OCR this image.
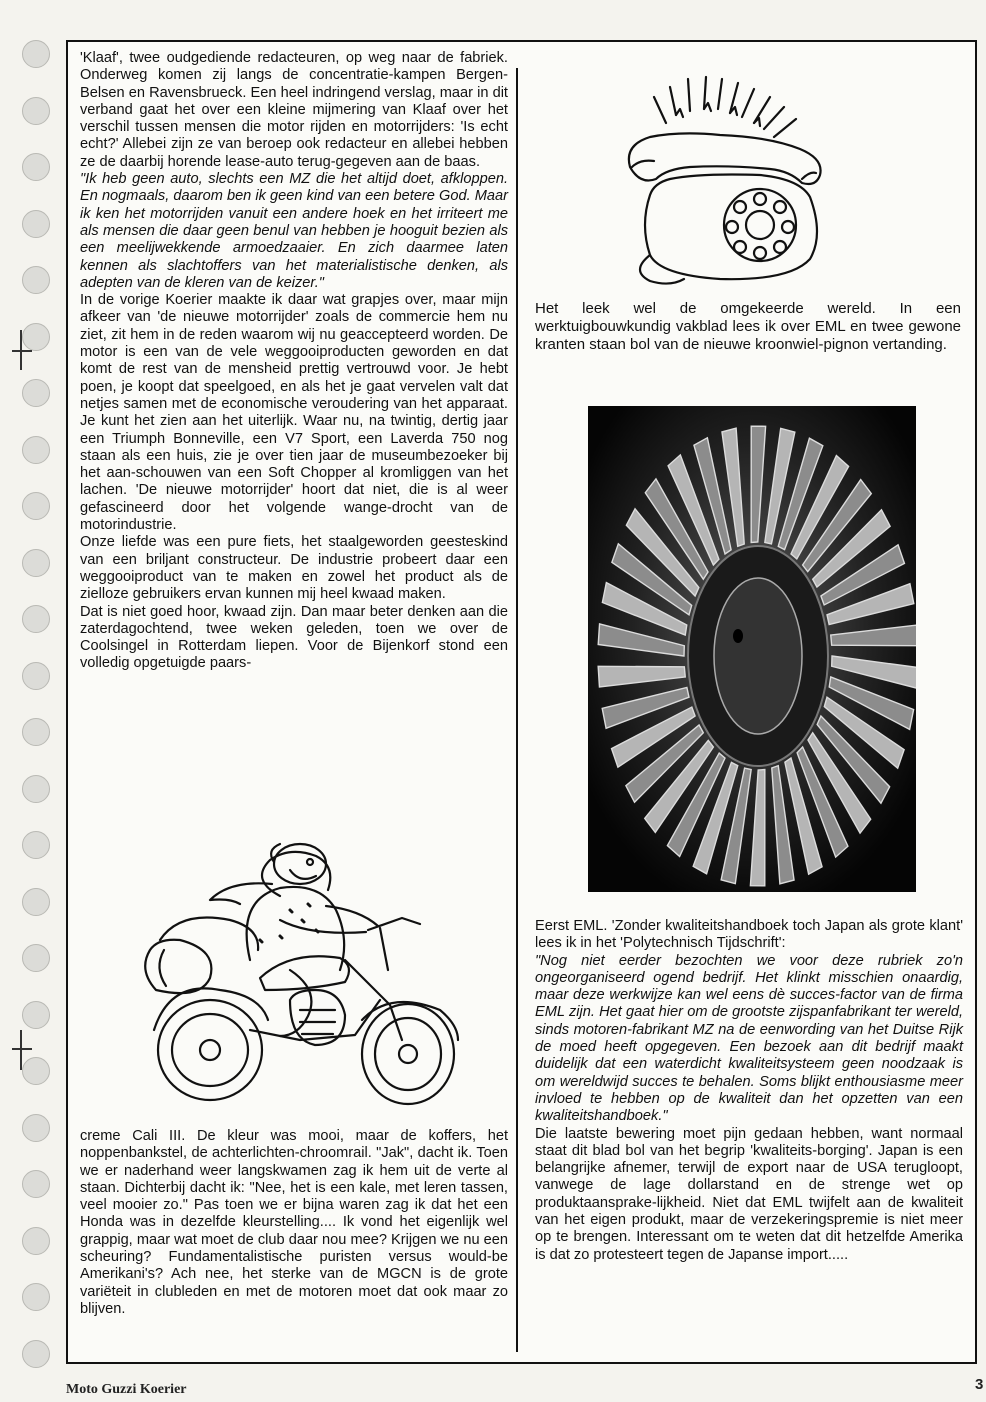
'Klaaf', twee oudgediende redacteuren, op weg naar de fabriek. Onderweg komen zij langs de concentratie-kampen Bergen-Belsen en Ravensbrueck. Een heel indringend verslag, maar in dit verband gaat het over een kleine mijmering van Klaaf over het verschil tussen mensen die motor rijden en motorrijders: 'Is echt echt?' Allebei zijn ze van beroep ook redacteur en allebei hebben ze de daarbij horende lease-auto terug-gegeven aan de baas.

"Ik heb geen auto, slechts een MZ die het altijd doet, afkloppen. En nogmaals, daarom ben ik geen kind van een betere God. Maar ik ken het motorrijden vanuit een andere hoek en het irriteert me als mensen die daar geen benul van hebben je hooguit bezien als een meelijwekkende armoedzaaier. En zich daarmee laten kennen als slachtoffers van het materialistische denken, als adepten van de kleren van de keizer."

In de vorige Koerier maakte ik daar wat grapjes over, maar mijn afkeer van 'de nieuwe motorrijder' zoals de commercie hem nu ziet, zit hem in de reden waarom wij nu geaccepteerd worden. De motor is een van de vele weggooiproducten geworden en dat komt de rest van de mensheid prettig vertrouwd voor. Je hebt poen, je koopt dat speelgoed, en als het je gaat vervelen valt dat netjes samen met de economische veroudering van het apparaat. Je kunt het zien aan het uiterlijk. Waar nu, na twintig, dertig jaar een Triumph Bonneville, een V7 Sport, een Laverda 750 nog staan als een huis, zie je over tien jaar de museumbezoeker bij het aan-schouwen van een Soft Chopper al kromliggen van het lachen. 'De nieuwe motorrijder' hoort dat niet, die is al weer gefascineerd door het volgende wange-drocht van de motorindustrie.

Onze liefde was een pure fiets, het staalgeworden geesteskind van een briljant constructeur. De industrie probeert daar een weggooiproduct van te maken en zowel het product als de zielloze gebruikers ervan kunnen mij heel kwaad maken.

Dat is niet goed hoor, kwaad zijn. Dan maar beter denken aan die zaterdagochtend, twee weken geleden, toen we over de Coolsingel in Rotterdam liepen. Voor de Bijenkorf stond een volledig opgetuigde paars-

creme Cali III. De kleur was mooi, maar de koffers, het noppenbankstel, de achterlichten-chroomrail. "Jak", dacht ik. Toen we er naderhand weer langskwamen zag ik hem uit de verte al staan. Dichterbij dacht ik: "Nee, het is een kale, met leren tassen, veel mooier zo." Pas toen we er bijna waren zag ik dat het een Honda was in dezelfde kleurstelling.... Ik vond het eigenlijk wel grappig, maar wat moet de club daar nou mee? Krijgen we nu een scheuring? Fundamentalistische puristen versus would-be Amerikani's? Ach nee, het sterke van de MGCN is de grote variëteit in clubleden en met de motoren moet dat ook maar zo blijven.

Het leek wel de omgekeerde wereld. In een werktuigbouwkundig vakblad lees ik over EML en twee gewone kranten staan bol van de nieuwe kroonwiel-pignon vertanding.

Eerst EML. 'Zonder kwaliteitshandboek toch Japan als grote klant' lees ik in het 'Polytechnisch Tijdschrift':

"Nog niet eerder bezochten we voor deze rubriek zo'n ongeorganiseerd ogend bedrijf. Het klinkt misschien onaardig, maar deze werkwijze kan wel eens dè succes-factor van de firma EML zijn. Het gaat hier om de grootste zijspanfabrikant ter wereld, sinds motoren-fabrikant MZ na de eenwording van het Duitse Rijk de moed heeft opgegeven. Een bezoek aan dit bedrijf maakt duidelijk dat een waterdicht kwaliteitsysteem geen noodzaak is om wereldwijd succes te behalen. Soms blijkt enthousiasme meer invloed te hebben op de kwaliteit dan het opzetten van een kwaliteitshandboek."

Die laatste bewering moet pijn gedaan hebben, want normaal staat dit blad bol van het begrip 'kwaliteits-borging'. Japan is een belangrijke afnemer, terwijl de export naar de USA terugloopt, vanwege de lage dollarstand en de strenge wet op produktaansprake-lijkheid. Niet dat EML twijfelt aan de kwaliteit van het eigen produkt, maar de verzekeringspremie is niet meer op te brengen. Interessant om te weten dat dit hetzelfde Amerika is dat zo protesteert tegen de Japanse import.....

Moto Guzzi Koerier	3
